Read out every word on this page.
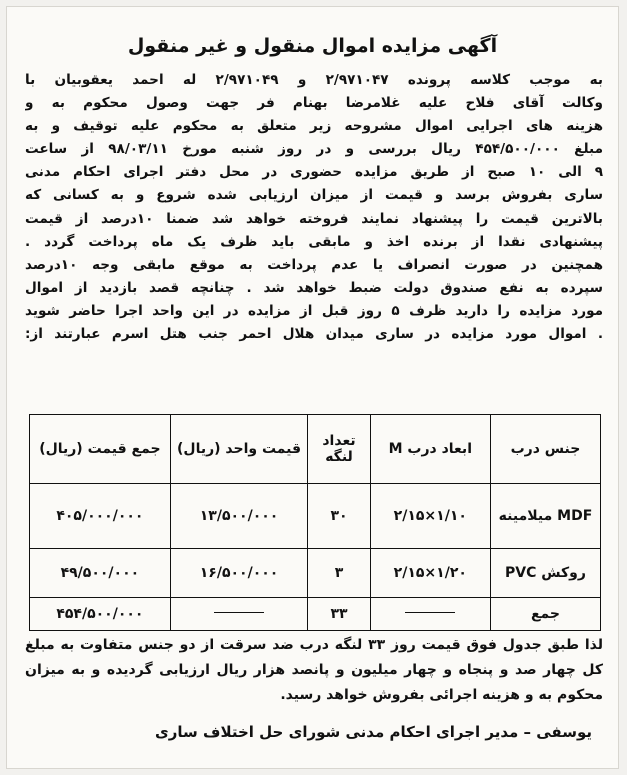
آگهی مزایده اموال منقول و غیر منقول
به موجب کلاسه پرونده ۲/۹۷۱۰۴۷ و ۲/۹۷۱۰۴۹ له احمد یعقوبیان با
وکالت آقای فلاح علیه غلامرضا بهنام فر جهت وصول محکوم به و
هزینه های اجرایی اموال مشروحه زیر متعلق به محکوم علیه توقیف و به
مبلغ ۴۵۴/۵۰۰/۰۰۰ ریال بررسی و در روز شنبه مورخ ۹۸/۰۳/۱۱ از ساعت
۹ الی ۱۰ صبح از طریق مزایده حضوری در محل دفتر اجرای احکام مدنی
ساری بفروش برسد و قیمت از میزان ارزیابی شده شروع و به کسانی که
بالاترین قیمت را پیشنهاد نمایند فروخته خواهد شد ضمنا ۱۰درصد از قیمت
پیشنهادی نقدا از برنده اخذ و مابقی باید ظرف یک ماه پرداخت گردد .
همچنین در صورت انصراف یا عدم پرداخت به موقع مابقی وجه ۱۰درصد
سپرده به نفع صندوق دولت ضبط خواهد شد . چنانچه قصد بازدید از اموال
مورد مزایده را دارید ظرف ۵ روز قبل از مزایده در این واحد اجرا حاضر شوید
. اموال مورد مزایده در ساری میدان هلال احمر جنب هتل اسرم عبارتند از:
جنس درب	ابعاد درب M	تعداد لنگه	قیمت واحد (ریال)	جمع قیمت (ریال)
MDF میلامینه	۱/۱۰×۲/۱۵	۳۰	۱۳/۵۰۰/۰۰۰	۴۰۵/۰۰۰/۰۰۰
روکش PVC	۱/۲۰×۲/۱۵	۳	۱۶/۵۰۰/۰۰۰	۴۹/۵۰۰/۰۰۰
جمع		۳۳		۴۵۴/۵۰۰/۰۰۰
لذا طبق جدول فوق قیمت روز ۳۳ لنگه درب ضد سرقت از دو جنس متفاوت به مبلغ
کل چهار صد و پنجاه و چهار میلیون و پانصد هزار ریال ارزیابی گردیده و به میزان
محکوم به و هزینه اجرائی بفروش خواهد رسید.
یوسفی – مدیر اجرای احکام مدنی شورای حل اختلاف ساری
